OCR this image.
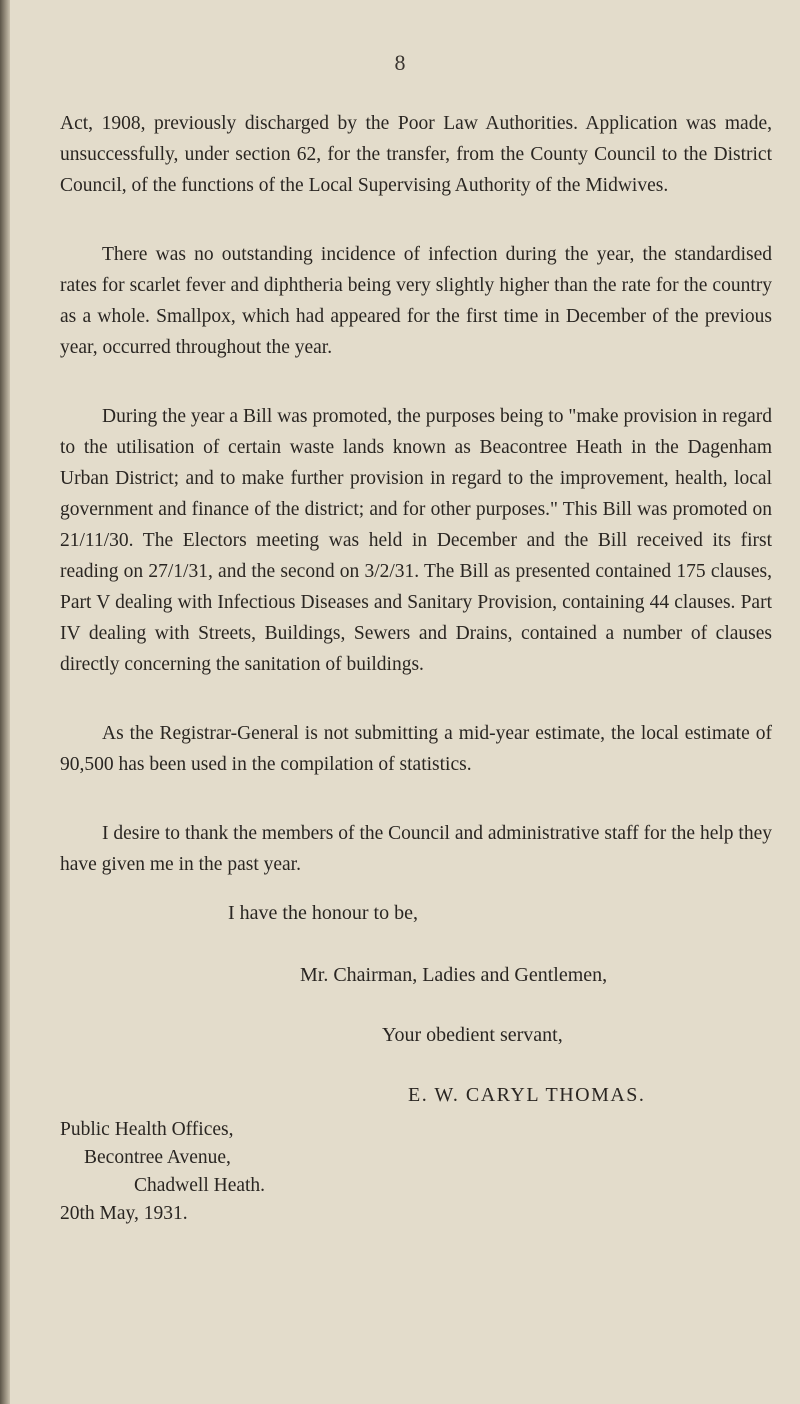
8

Act, 1908, previously discharged by the Poor Law Authorities. Application was made, unsuccessfully, under section 62, for the transfer, from the County Council to the District Council, of the functions of the Local Supervising Authority of the Midwives.

There was no outstanding incidence of infection during the year, the standardised rates for scarlet fever and diphtheria being very slightly higher than the rate for the country as a whole. Smallpox, which had appeared for the first time in December of the previous year, occurred throughout the year.

During the year a Bill was promoted, the purposes being to "make provision in regard to the utilisation of certain waste lands known as Beacontree Heath in the Dagenham Urban District; and to make further provision in regard to the improvement, health, local government and finance of the district; and for other purposes." This Bill was promoted on 21/11/30. The Electors meeting was held in December and the Bill received its first reading on 27/1/31, and the second on 3/2/31. The Bill as presented contained 175 clauses, Part V dealing with Infectious Diseases and Sanitary Provision, containing 44 clauses. Part IV dealing with Streets, Buildings, Sewers and Drains, contained a number of clauses directly concerning the sanitation of buildings.

As the Registrar-General is not submitting a mid-year estimate, the local estimate of 90,500 has been used in the compilation of statistics.

I desire to thank the members of the Council and administrative staff for the help they have given me in the past year.

I have the honour to be,
Mr. Chairman, Ladies and Gentlemen,
Your obedient servant,
E. W. CARYL THOMAS.
Public Health Offices,
Becontree Avenue,
Chadwell Heath.
20th May, 1931.
